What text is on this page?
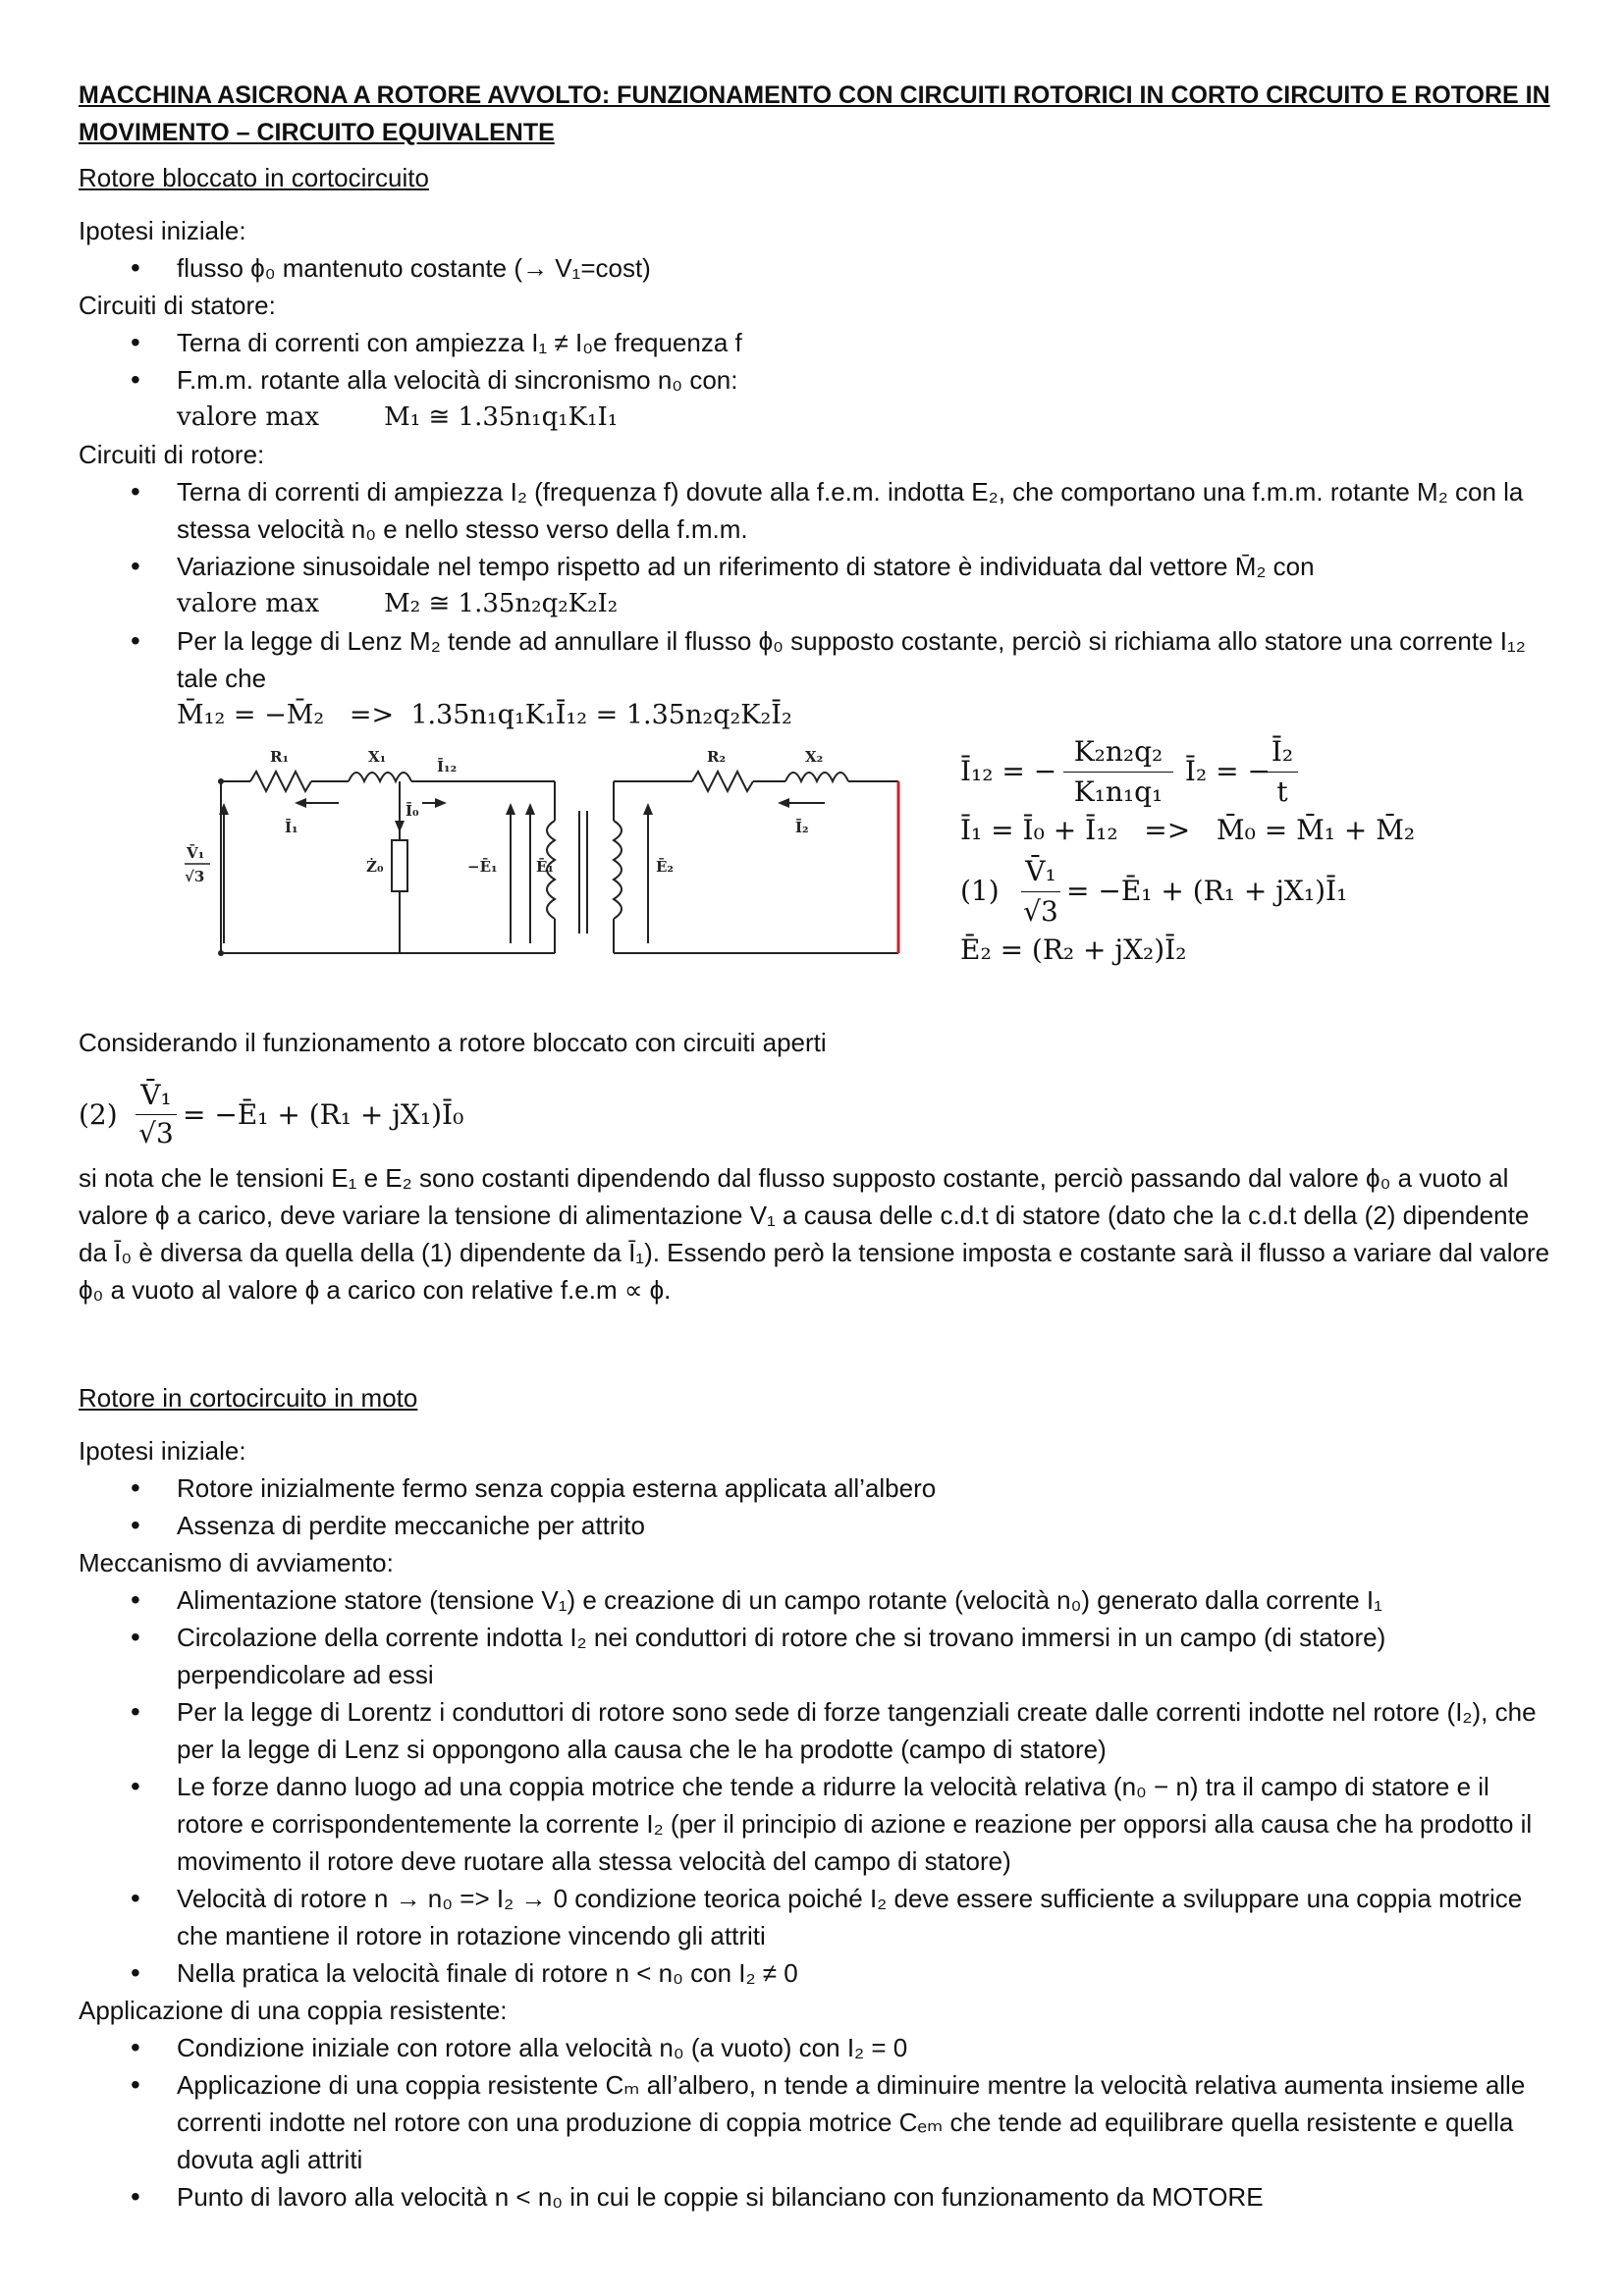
MACCHINA ASICRONA A ROTORE AVVOLTO: FUNZIONAMENTO CON CIRCUITI ROTORICI IN CORTO CIRCUITO E ROTORE IN MOVIMENTO – CIRCUITO EQUIVALENTE

Rotore bloccato in cortocircuito

Ipotesi iniziale:

• flusso ϕ₀ mantenuto costante (→ V₁=cost)

Circuiti di statore:

• Terna di correnti con ampiezza I₁ ≠ I₀e frequenza f
• F.m.m. rotante alla velocità di sincronismo n₀ con:
valore max        M₁ ≅ 1.35n₁q₁K₁I₁

Circuiti di rotore:

• Terna di correnti di ampiezza I₂ (frequenza f) dovute alla f.e.m. indotta E₂, che comportano una f.m.m. rotante M₂ con la stessa velocità n₀ e nello stesso verso della f.m.m.
• Variazione sinusoidale nel tempo rispetto ad un riferimento di statore è individuata dal vettore M̄₂ con
valore max        M₂ ≅ 1.35n₂q₂K₂I₂
• Per la legge di Lenz M₂ tende ad annullare il flusso ϕ₀ supposto costante, perciò si richiama allo statore una corrente I₁₂ tale che
M̄₁₂ = −M̄₂   =>  1.35n₁q₁K₁Ī₁₂ = 1.35n₂q₂K₂Ī₂
R₁	X₁
Ī₁₂
Ī₀
Ī₁
V̄₁
√3
Ż₀	−Ē₁	Ē₁
R₂	X₂
Ī₂
Ē₂
Ī₁₂ = −
K₂n₂q₂
K₁n₁q₁
Ī₂ = −
Ī₂
t
Ī₁ = Ī₀ + Ī₁₂   =>   M̄₀ = M̄₁ + M̄₂
(1)
V̄₁
√3
= −Ē₁ + (R₁ + jX₁)Ī₁
Ē₂ = (R₂ + jX₂)Ī₂

Considerando il funzionamento a rotore bloccato con circuiti aperti

(2)
V̄₁
√3
= −Ē₁ + (R₁ + jX₁)Ī₀

si nota che le tensioni E₁ e E₂ sono costanti dipendendo dal flusso supposto costante, perciò passando dal valore ϕ₀ a vuoto al valore ϕ a carico, deve variare la tensione di alimentazione V₁ a causa delle c.d.t di statore (dato che la c.d.t della (2) dipendente da Ī₀ è diversa da quella della (1) dipendente da Ī₁). Essendo però la tensione imposta e costante sarà il flusso a variare dal valore ϕ₀ a vuoto al valore ϕ a carico con relative f.e.m ∝ ϕ.

Rotore in cortocircuito in moto

Ipotesi iniziale:

• Rotore inizialmente fermo senza coppia esterna applicata all’albero
• Assenza di perdite meccaniche per attrito

Meccanismo di avviamento:

• Alimentazione statore (tensione V₁) e creazione di un campo rotante (velocità n₀) generato dalla corrente I₁
• Circolazione della corrente indotta I₂ nei conduttori di rotore che si trovano immersi in un campo (di statore) perpendicolare ad essi
• Per la legge di Lorentz i conduttori di rotore sono sede di forze tangenziali create dalle correnti indotte nel rotore (I₂), che per la legge di Lenz si oppongono alla causa che le ha prodotte (campo di statore)
• Le forze danno luogo ad una coppia motrice che tende a ridurre la velocità relativa (n₀ − n) tra il campo di statore e il rotore e corrispondentemente la corrente I₂ (per il principio di azione e reazione per opporsi alla causa che ha prodotto il movimento il rotore deve ruotare alla stessa velocità del campo di statore)
• Velocità di rotore n → n₀ => I₂ → 0 condizione teorica poiché I₂ deve essere sufficiente a sviluppare una coppia motrice che mantiene il rotore in rotazione vincendo gli attriti
• Nella pratica la velocità finale di rotore n < n₀ con I₂ ≠ 0

Applicazione di una coppia resistente:

• Condizione iniziale con rotore alla velocità n₀ (a vuoto) con I₂ = 0
• Applicazione di una coppia resistente Cₘ all’albero, n tende a diminuire mentre la velocità relativa aumenta insieme alle correnti indotte nel rotore con una produzione di coppia motrice Cₑₘ che tende ad equilibrare quella resistente e quella dovuta agli attriti
• Punto di lavoro alla velocità n < n₀ in cui le coppie si bilanciano con funzionamento da MOTORE
